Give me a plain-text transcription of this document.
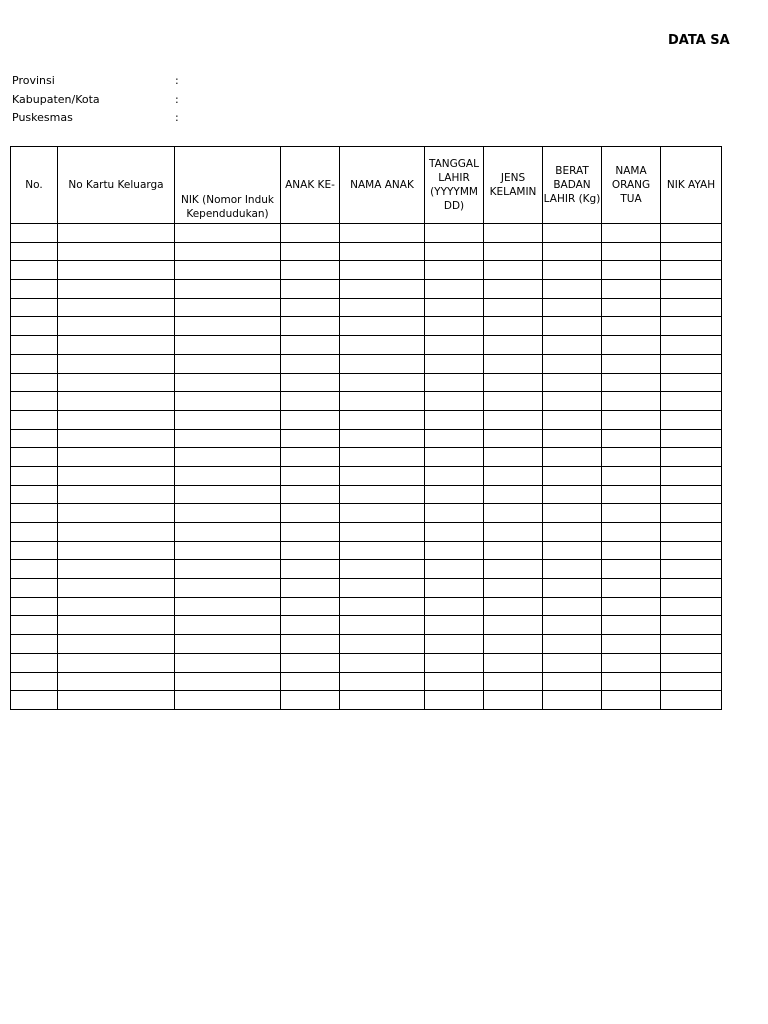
DATA SA
Provinsi	:
Kabupaten/Kota	:
Puskesmas	:
No.	No Kartu Keluarga	NIK (Nomor Induk Kependudukan)	ANAK KE-	NAMA ANAK	TANGGAL LAHIR (YYYYMM DD)	JENS KELAMIN	BERAT BADAN LAHIR (Kg)	NAMA ORANG TUA	NIK AYAH
